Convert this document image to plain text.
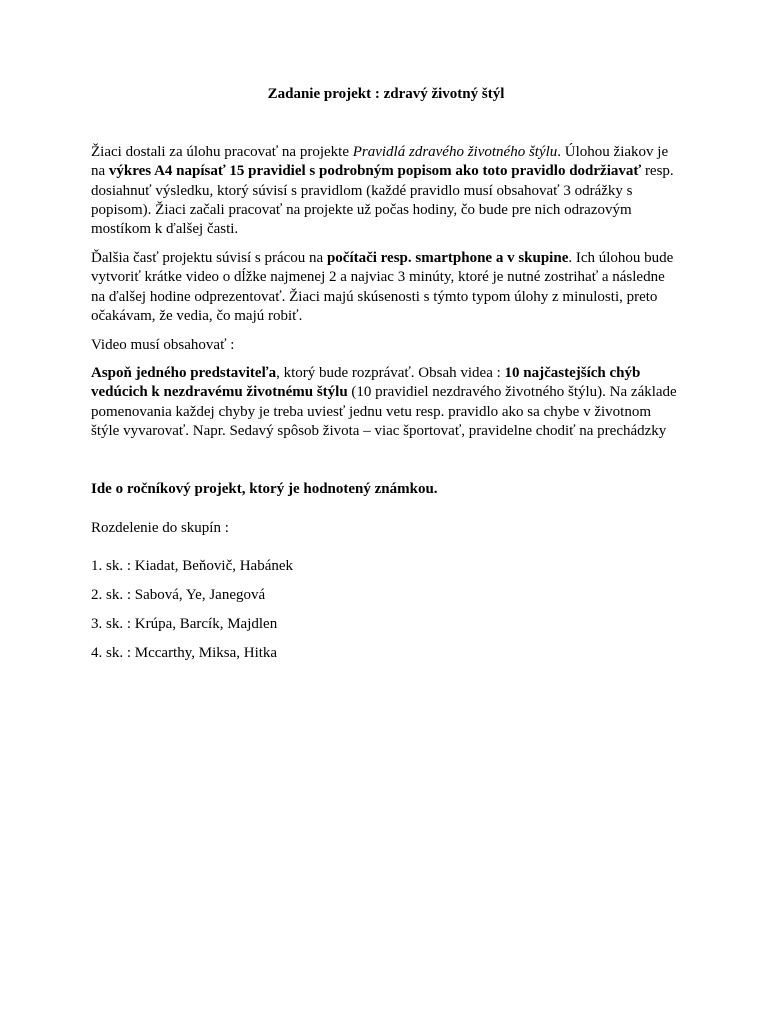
Zadanie projekt : zdravý životný štýl

Žiaci dostali za úlohu pracovať na projekte Pravidlá zdravého životného štýlu. Úlohou žiakov je na výkres A4 napísať 15 pravidiel s podrobným popisom ako toto pravidlo dodržiavať resp. dosiahnuť výsledku, ktorý súvisí s pravidlom (každé pravidlo musí obsahovať 3 odrážky s popisom). Žiaci začali pracovať na projekte už počas hodiny, čo bude pre nich odrazovým mostíkom k ďalšej časti.

Ďalšia časť projektu súvisí s prácou na počítači resp. smartphone a v skupine. Ich úlohou bude vytvoriť krátke video o dĺžke najmenej 2 a najviac 3 minúty, ktoré je nutné zostrihať a následne na ďalšej hodine odprezentovať. Žiaci majú skúsenosti s týmto typom úlohy z minulosti, preto očakávam, že vedia, čo majú robiť.

Video musí obsahovať :

Aspoň jedného predstaviteľa, ktorý bude rozprávať. Obsah videa : 10 najčastejších chýb vedúcich k nezdravému životnému štýlu (10 pravidiel nezdravého životného štýlu). Na základe pomenovania každej chyby je treba uviesť jednu vetu resp. pravidlo ako sa chybe v životnom štýle vyvarovať. Napr. Sedavý spôsob života – viac športovať, pravidelne chodiť na prechádzky

Ide o ročníkový projekt, ktorý je hodnotený známkou.

Rozdelenie do skupín :

1. sk. : Kiadat, Beňovič, Habánek

2. sk. : Sabová, Ye, Janegová

3. sk. : Krúpa, Barcík, Majdlen

4. sk. : Mccarthy, Miksa, Hitka
